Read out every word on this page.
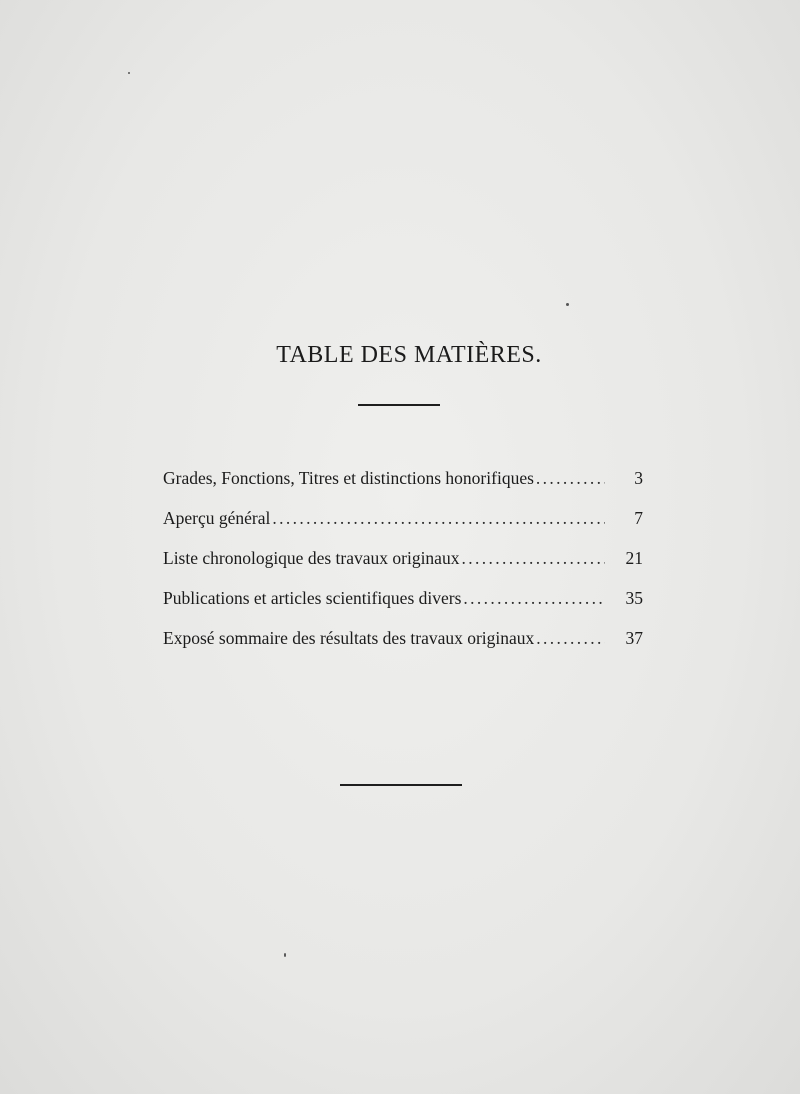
TABLE DES MATIÈRES.
Grades, Fonctions, Titres et distinctions honorifiques . . .	3
Aperçu général . . .	7
Liste chronologique des travaux originaux . . .	21
Publications et articles scientifiques divers . . .	35
Exposé sommaire des résultats des travaux originaux . . .	37
